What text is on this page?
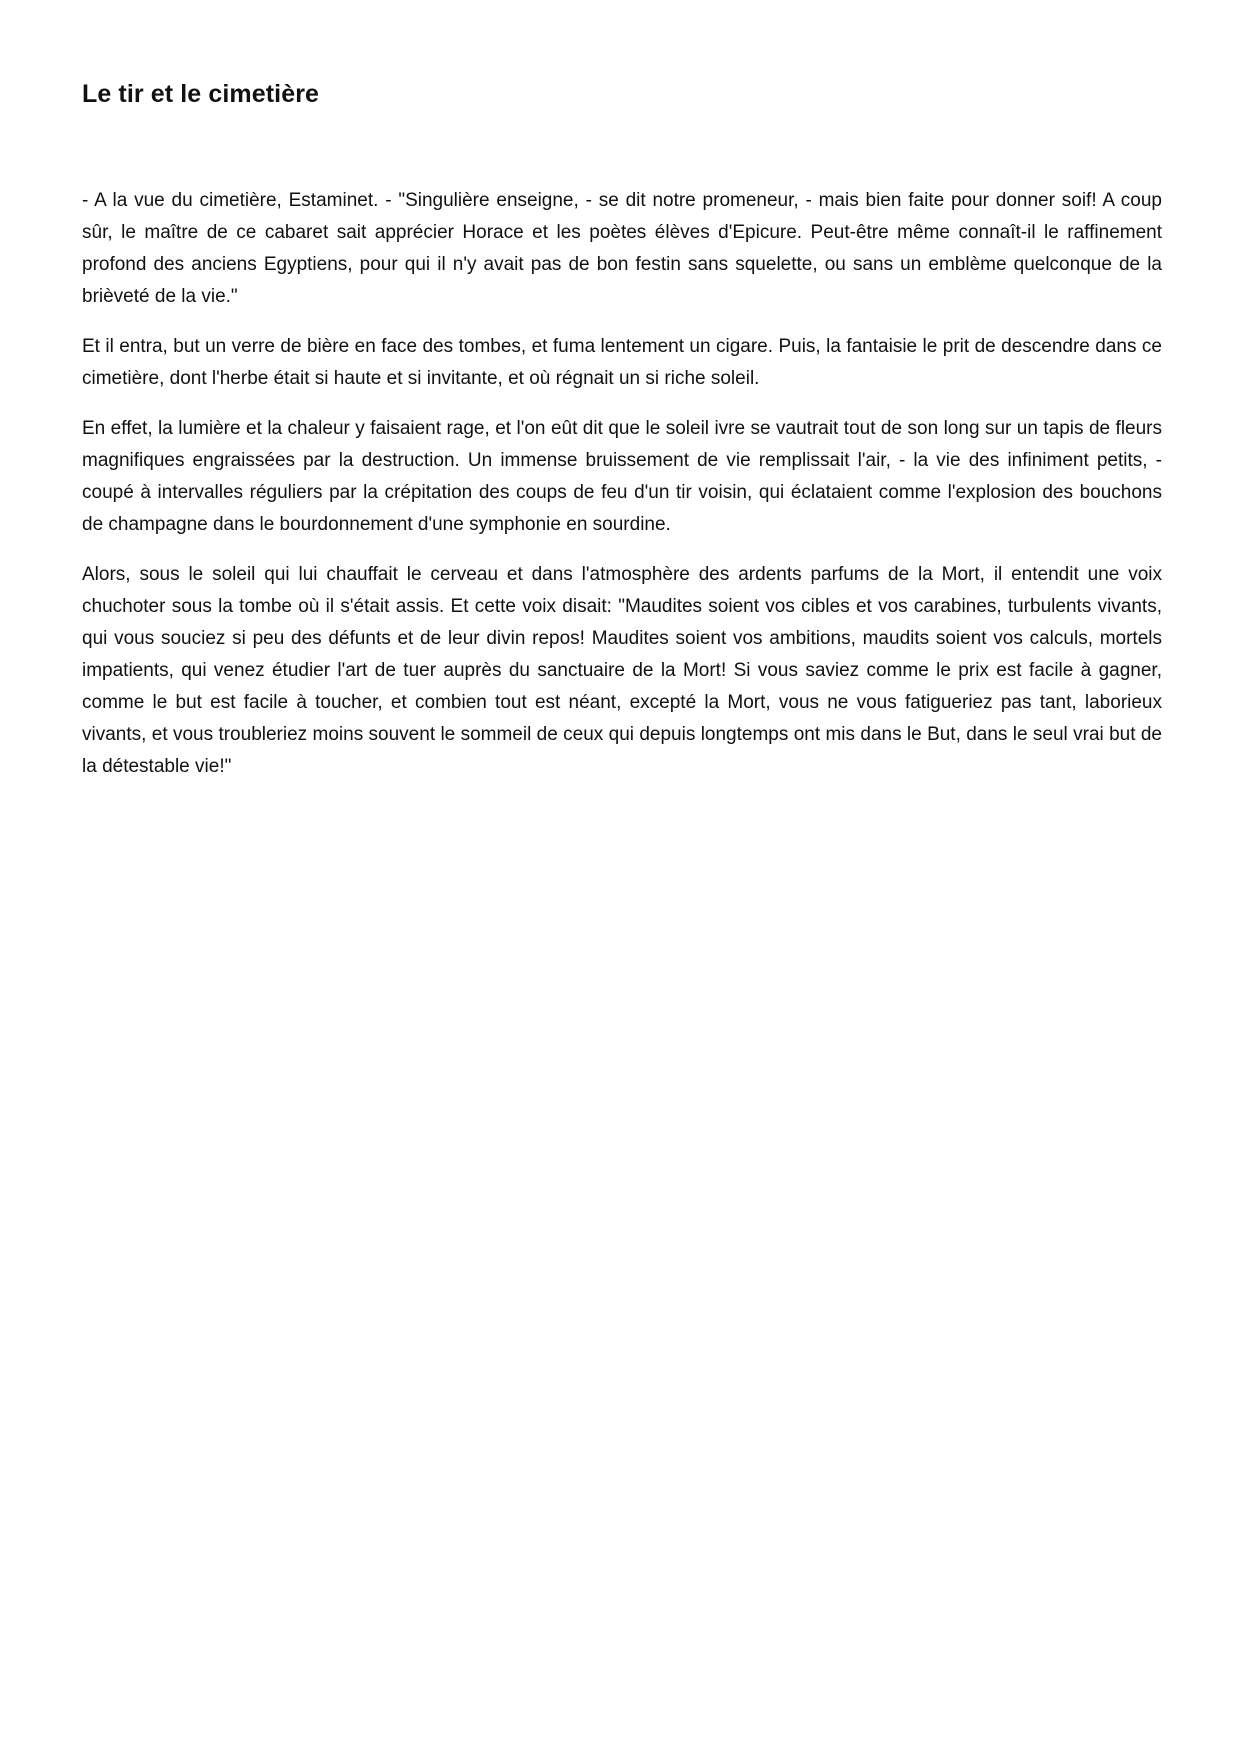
Le tir et le cimetière

- A la vue du cimetière, Estaminet. - "Singulière enseigne, - se dit notre promeneur, - mais bien faite pour donner soif! A coup sûr, le maître de ce cabaret sait apprécier Horace et les poètes élèves d'Epicure. Peut-être même connaît-il le raffinement profond des anciens Egyptiens, pour qui il n'y avait pas de bon festin sans squelette, ou sans un emblème quelconque de la brièveté de la vie."

Et il entra, but un verre de bière en face des tombes, et fuma lentement un cigare. Puis, la fantaisie le prit de descendre dans ce cimetière, dont l'herbe était si haute et si invitante, et où régnait un si riche soleil.

En effet, la lumière et la chaleur y faisaient rage, et l'on eût dit que le soleil ivre se vautrait tout de son long sur un tapis de fleurs magnifiques engraissées par la destruction. Un immense bruissement de vie remplissait l'air, - la vie des infiniment petits, - coupé à intervalles réguliers par la crépitation des coups de feu d'un tir voisin, qui éclataient comme l'explosion des bouchons de champagne dans le bourdonnement d'une symphonie en sourdine.

Alors, sous le soleil qui lui chauffait le cerveau et dans l'atmosphère des ardents parfums de la Mort, il entendit une voix chuchoter sous la tombe où il s'était assis. Et cette voix disait: "Maudites soient vos cibles et vos carabines, turbulents vivants, qui vous souciez si peu des défunts et de leur divin repos! Maudites soient vos ambitions, maudits soient vos calculs, mortels impatients, qui venez étudier l'art de tuer auprès du sanctuaire de la Mort! Si vous saviez comme le prix est facile à gagner, comme le but est facile à toucher, et combien tout est néant, excepté la Mort, vous ne vous fatigueriez pas tant, laborieux vivants, et vous troubleriez moins souvent le sommeil de ceux qui depuis longtemps ont mis dans le But, dans le seul vrai but de la détestable vie!"
